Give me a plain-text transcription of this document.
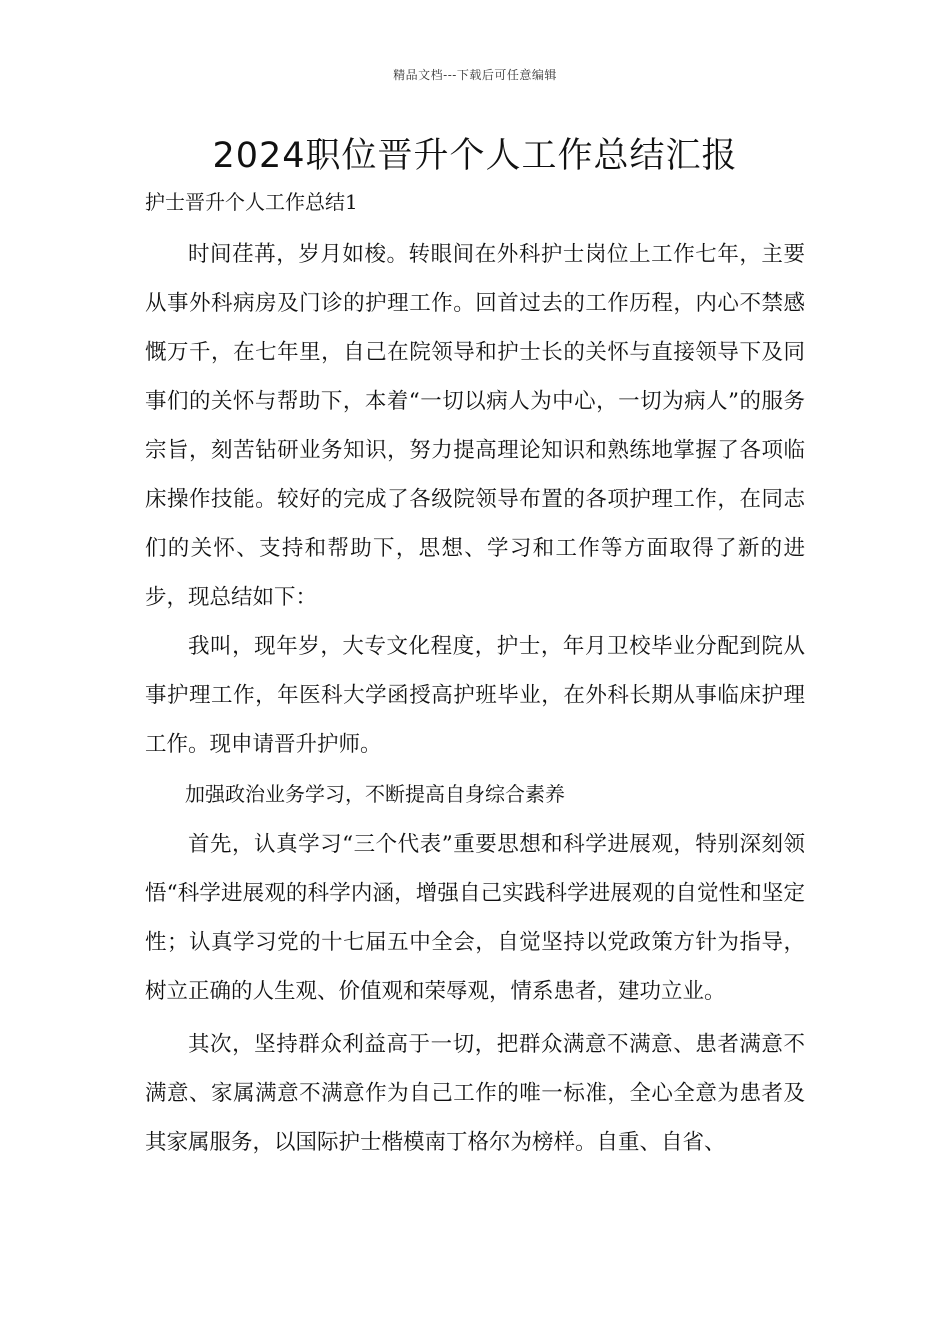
精品文档---下载后可任意编辑
2024职位晋升个人工作总结汇报
护士晋升个人工作总结1

时间荏苒，岁月如梭。转眼间在外科护士岗位上工作七年，主要从事外科病房及门诊的护理工作。回首过去的工作历程，内心不禁感慨万千，在七年里，自己在院领导和护士长的关怀与直接领导下及同事们的关怀与帮助下，本着“一切以病人为中心，一切为病人”的服务宗旨，刻苦钻研业务知识，努力提高理论知识和熟练地掌握了各项临床操作技能。较好的完成了各级院领导布置的各项护理工作，在同志们的关怀、支持和帮助下，思想、学习和工作等方面取得了新的进步，现总结如下：

我叫，现年岁，大专文化程度，护士，年月卫校毕业分配到院从事护理工作，年医科大学函授高护班毕业，在外科长期从事临床护理工作。现申请晋升护师。

加强政治业务学习，不断提高自身综合素养

首先，认真学习“三个代表”重要思想和科学进展观，特别深刻领悟“科学进展观的科学内涵，增强自己实践科学进展观的自觉性和坚定性；认真学习党的十七届五中全会，自觉坚持以党政策方针为指导，树立正确的人生观、价值观和荣辱观，情系患者，建功立业。

其次，坚持群众利益高于一切，把群众满意不满意、患者满意不满意、家属满意不满意作为自己工作的唯一标准，全心全意为患者及其家属服务，以国际护士楷模南丁格尔为榜样。自重、自省、
